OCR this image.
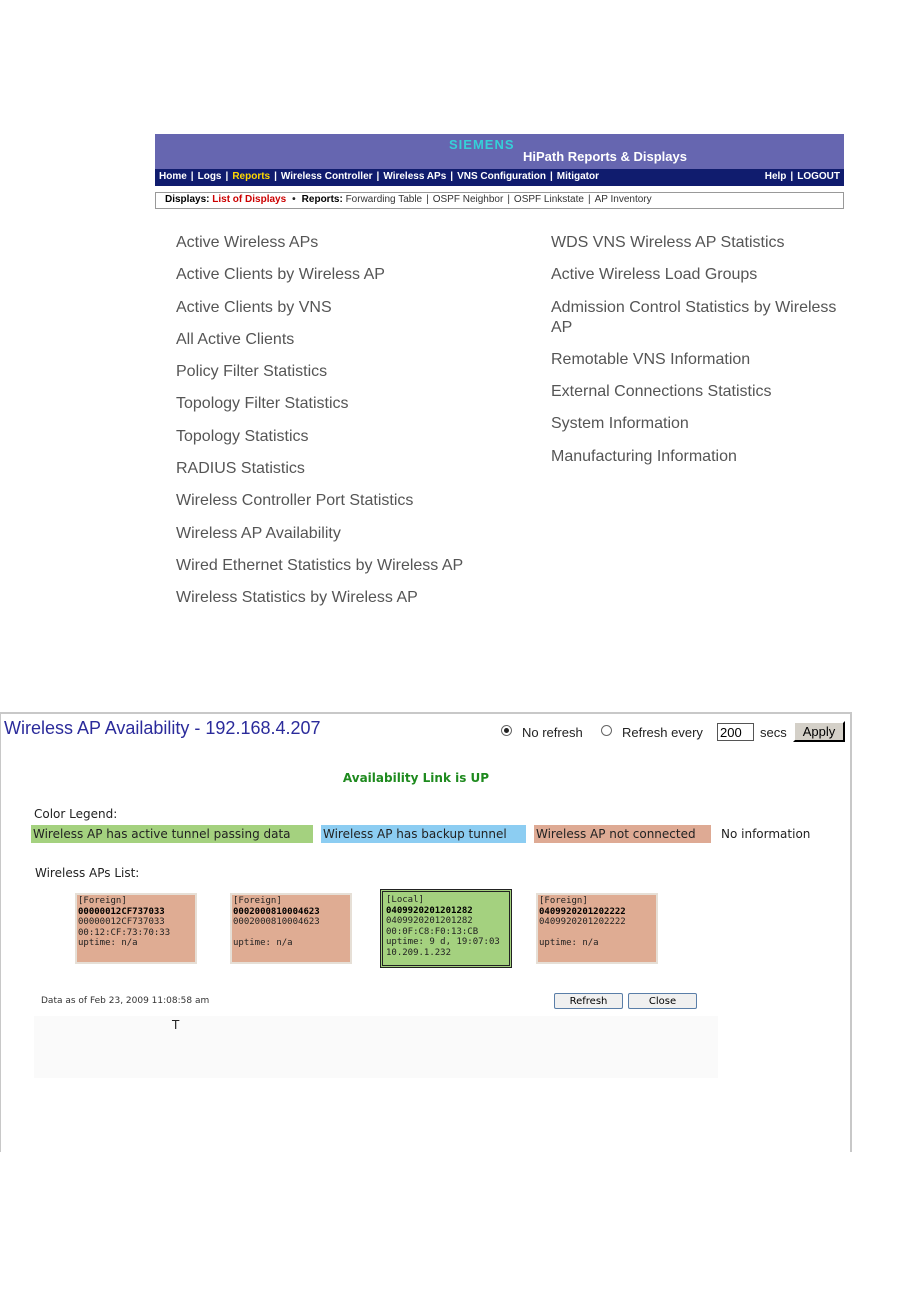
SIEMENS
HiPath Reports & Displays
Home | Logs | Reports | Wireless Controller | Wireless APs | VNS Configuration | Mitigator	Help | LOGOUT
Displays: List of Displays • Reports: Forwarding Table | OSPF Neighbor | OSPF Linkstate | AP Inventory
Active Wireless APs
Active Clients by Wireless AP
Active Clients by VNS
All Active Clients
Policy Filter Statistics
Topology Filter Statistics
Topology Statistics
RADIUS Statistics
Wireless Controller Port Statistics
Wireless AP Availability
Wired Ethernet Statistics by Wireless AP
Wireless Statistics by Wireless AP
WDS VNS Wireless AP Statistics
Active Wireless Load Groups
Admission Control Statistics by Wireless AP
Remotable VNS Information
External Connections Statistics
System Information
Manufacturing Information
Wireless AP Availability - 192.168.4.207	No refresh	Refresh every
200	secs	Apply
Availability Link is UP
Color Legend:
Wireless AP has active tunnel passing data	Wireless AP has backup tunnel	Wireless AP not connected	No information
Wireless APs List:
[Foreign]
00000012CF737033
00000012CF737033
00:12:CF:73:70:33
uptime: n/a
[Foreign]
0002000810004623
0002000810004623

uptime: n/a
[Local]
0409920201201282
0409920201201282
00:0F:C8:F0:13:CB
uptime: 9 d, 19:07:03
10.209.1.232
[Foreign]
0409920201202222
0409920201202222

uptime: n/a
Data as of Feb 23, 2009 11:08:58 am	Refresh	Close
T
